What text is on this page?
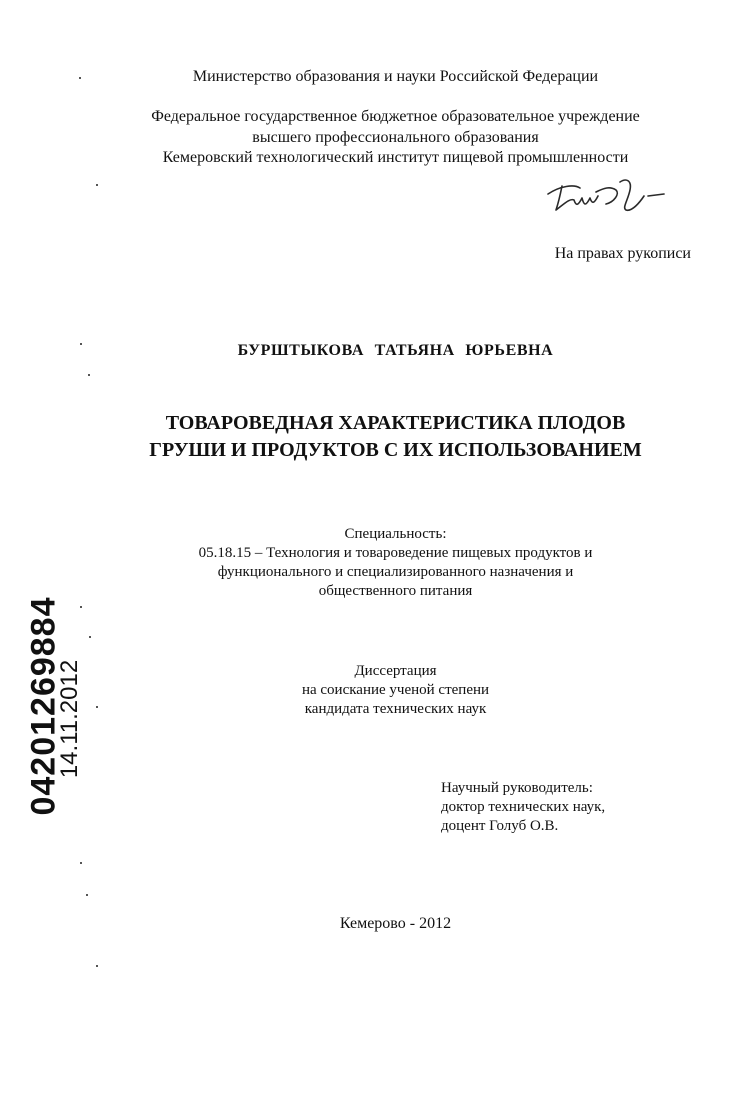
Министерство образования и науки Российской Федерации
Федеральное государственное бюджетное образовательное учреждение
высшего профессионального образования
Кемеровский технологический институт пищевой промышленности
На правах рукописи
БУРШТЫКОВА ТАТЬЯНА ЮРЬЕВНА
ТОВАРОВЕДНАЯ ХАРАКТЕРИСТИКА ПЛОДОВ
ГРУШИ И ПРОДУКТОВ С ИХ ИСПОЛЬЗОВАНИЕМ
Специальность:
05.18.15 – Технология и товароведение пищевых продуктов и
функционального и специализированного назначения и
общественного питания
Диссертация
на соискание ученой степени
кандидата технических наук
Научный руководитель:
доктор технических наук,
доцент Голуб О.В.
Кемерово - 2012
04201269884
14.11.2012
